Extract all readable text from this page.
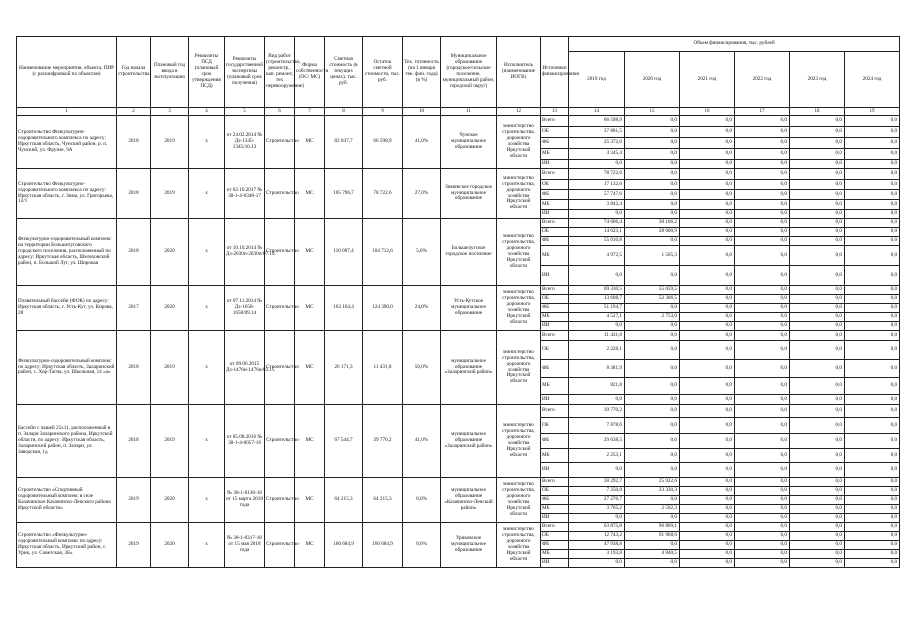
Наименование мероприятия, объекта, ПИР (с расшифровкой по объектам)	Год начала строительства	Плановый год ввода в эксплуатацию	Реквизиты ПСД (плановый срок утверждения ПСД)	Реквизиты государственной экспертизы (плановый срок получения)	Вид работ (строительство, реконстр., кап. ремонт, тех перевооружение)	Форма собственности (ОС/ МС)	Сметная стоимость (в текущих ценах), тыс. руб.	Остаток сметной стоимости, тыс. руб.	Тех. готовность (на 1 января тек. фин. года) (в %)	Муниципальное образование (городское/сельское поселение, муниципальный район, городской округ)	Исполнитель (наименование ИОГВ)	Источники финансирования	Объем финансирования, тыс. рублей					
													2019 год	2020 год	2021 год	2022 год	2023 год	2024 год
1	2	3	4	5	6	7	8	9	10	11	12	13	14	15	16	17	18	19
Строительство Физкультурно-оздоровительного комплекса по адресу: Иркутская область, Чунский район, р. п. Чунский, ул. Фрунзе, 9А	2018	2019	х	от 24.02.2014 № Дз-1345-1345/10.13	Строительство	МС	82 037,7	66 598,9	41,0%	Чунское муниципальное образование	министерство строительства, дорожного хозяйства Иркутской области	Всего	66 598,9	0,0	0,0	0,0	0,0	0,0
												ОБ	37 881,5	0,0	0,0	0,0	0,0	0,0
												ФБ	25 372,0	0,0	0,0	0,0	0,0	0,0
												МБ	3 345,4	0,0	0,0	0,0	0,0	0,0
												ИИ	0,0	0,0	0,0	0,0	0,0	0,0
Строительство Физкультурно-оздоровительного комплекса по адресу: Иркутская область, г. Зима, ул. Григорьева, 12/1	2018	2019	х	от 02.10.2017 № 38-1-4-0348-17	Строительство	МС	105 796,7	78 722,6	27,0%	Зиминское городское муниципальное образование	министерство строительства, дорожного хозяйства Иркутской области	Всего	78 722,6	0,0	0,0	0,0	0,0	0,0
												ОБ	17 132,6	0,0	0,0	0,0	0,0	0,0
												ФБ	57 747,6	0,0	0,0	0,0	0,0	0,0
												МБ	3 842,4	0,0	0,0	0,0	0,0	0,0
												ИИ	0,0	0,0	0,0	0,0	0,0	0,0
Физкультурно-оздоровительный комплекс на территории Большелуговского городского поселения, расположенный по адресу: Иркутская область, Шелеховский район, п. Большой Луг, ул. Широкая	2018	2020	х	от 10.10.2014 № Дз-2030п-2030п/07.14	Строительство	МС	110 097,4	104 712,6	5,0%	Большелугское городское поселение	министерство строительства, дорожного хозяйства Иркутской области	Всего	74 606,4	30 106,2	0,0	0,0	0,0	0,0
												ОБ	14 623,1	28 600,9	0,0	0,0	0,0	0,0
												ФБ	55 010,8	0,0	0,0	0,0	0,0	0,0
												МБ	4 972,5	1 505,3	0,0	0,0	0,0	0,0
												ИИ	0,0	0,0	0,0	0,0	0,0	0,0
Плавательный бассейн (ФОК) по адресу: Иркутская область, г. Усть-Кут, ул. Кирова, 28	2017	2020	х	от 07.11.2014 № Дз-1658-1658/09.14	Строительство	МС	163 164,4	124 390,0	24,0%	Усть-Кутское муниципальное образование	министерство строительства, дорожного хозяйства Иркутской области	Всего	69 330,5	55 059,5	0,0	0,0	0,0	0,0
												ОБ	13 608,7	52 306,5	0,0	0,0	0,0	0,0
												ФБ	51 194,7	0,0	0,0	0,0	0,0	0,0
												МБ	4 527,1	2 753,0	0,0	0,0	0,0	0,0
												ИИ	0,0	0,0	0,0	0,0	0,0	0,0
Физкультурно-оздоровительный комплекс по адресу: Иркутская область, Заларинский район, с. Хор-Тагна, ул. Школьная, 14 «а»	2018	2019	х	от 09.06.2015 Дз-1476н-1476н/03.15	Строительство	МС	26 171,3	11 431,8	56,0%	муниципальное образование «Заларинский район»	министерство строительства, дорожного хозяйства Иркутской области	Всего	11 431,8	0,0	0,0	0,0	0,0	0,0
												ОБ	2 228,1	0,0	0,0	0,0	0,0	0,0
												ФБ	8 381,9	0,0	0,0	0,0	0,0	0,0
												МБ	821,8	0,0	0,0	0,0	0,0	0,0
												ИИ	0,0	0,0	0,0	0,0	0,0	0,0
Бассейн с чашей 25х11, расположенный в п. Залари Заларинского района, Иркутской области, по адресу: Иркутская область, Заларинский район, п. Залари, ул. Заводская, 1д	2018	2019	х	от 05.08.2016 № 38-1-4-0057-16	Строительство	МС	67 544,7	39 770,2	41,0%	муниципальное образование «Заларинский район»	министерство строительства, дорожного хозяйства Иркутской области	Всего	39 770,2	0,0	0,0	0,0	0,0	0,0
												ОБ	7 878,6	0,0	0,0	0,0	0,0	0,0
												ФБ	29 638,5	0,0	0,0	0,0	0,0	0,0
												МБ	2 253,1	0,0	0,0	0,0	0,0	0,0
												ИИ	0,0	0,0	0,0	0,0	0,0	0,0
Строительство «Спортивный оздоровительный комплекс в селе Казачинское Казачинско-Ленского района Иркутской области»	2019	2020	х	№ 38-1-0130-18 от 15 марта 2018 года	Строительство	МС	64 215,3	64 215,3	0,0%	муниципальное образование «Казачинско-Ленский район»	министерство строительства, дорожного хозяйства Иркутской области	Всего	38 292,7	25 922,6	0,0	0,0	0,0	0,0
												ОБ	7 250,8	23 330,3	0,0	0,0	0,0	0,0
												ФБ	27 276,7	0,0	0,0	0,0	0,0	0,0
												МБ	3 765,2	2 592,3	0,0	0,0	0,0	0,0
												ИИ	0,0	0,0	0,0	0,0	0,0	0,0
Строительство «Физкультурно-оздоровительный комплекс по адресу: Иркутская область, Иркутский район, с. Урик, ул. Советская, 3Б»	2019	2020	х	№ 38-1-0317-18 от 15 мая 2018 года	Строительство	МС	160 684,9	160 684,9	0,0%	Уриковское муниципальное образование	министерство строительства, дорожного хозяйства Иркутской области	Всего	63 875,8	96 809,1	0,0	0,0	0,0	0,0
												ОБ	12 743,2	91 968,6	0,0	0,0	0,0	0,0
												ФБ	47 938,8	0,0	0,0	0,0	0,0	0,0
												МБ	3 193,8	4 840,5	0,0	0,0	0,0	0,0
												ИИ	0,0	0,0	0,0	0,0	0,0	0,0
